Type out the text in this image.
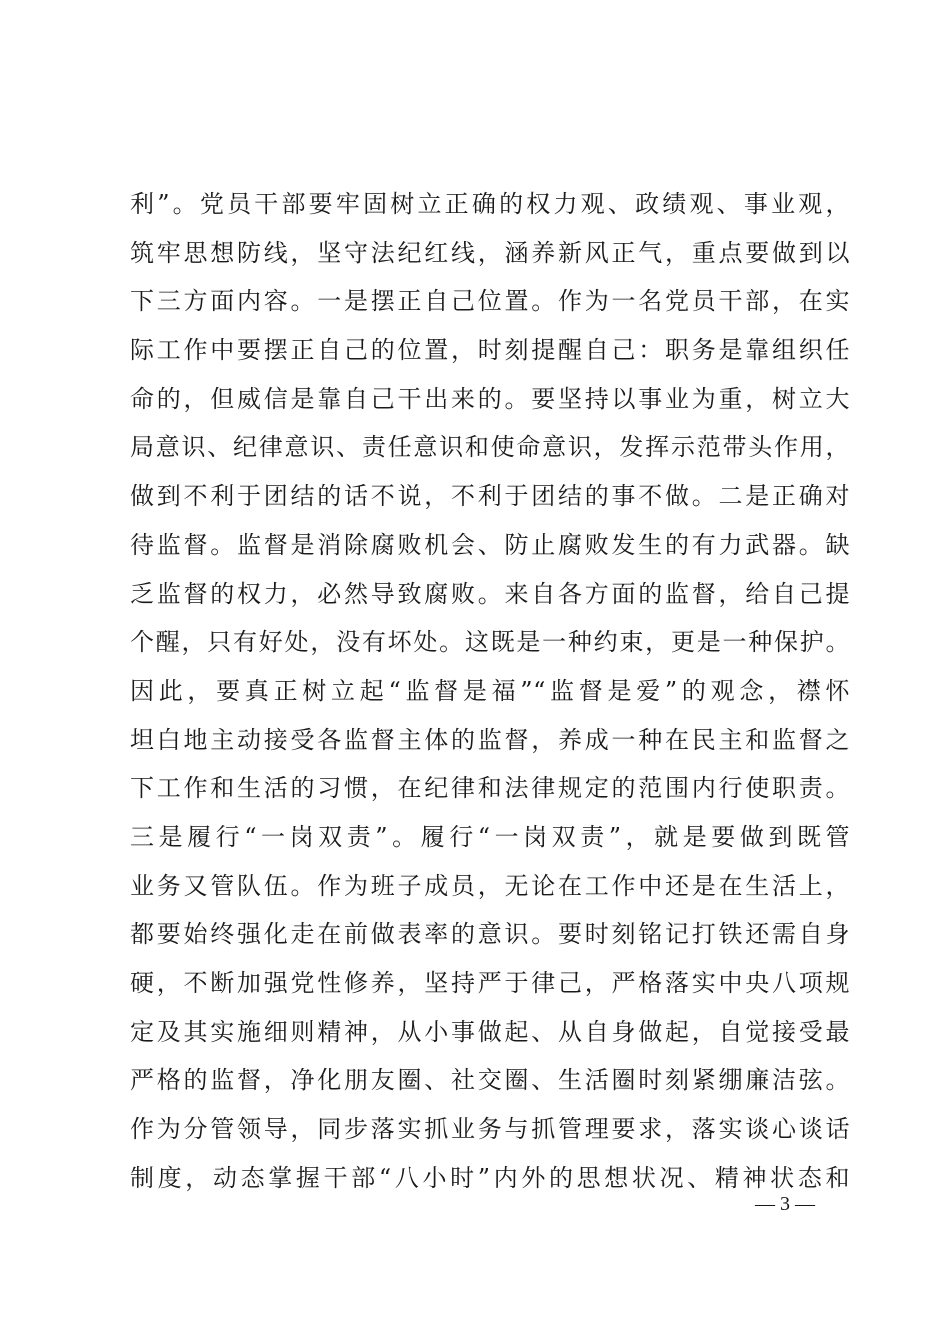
利”。党员干部要牢固树立正确的权力观、政绩观、事业观，
筑牢思想防线，坚守法纪红线，涵养新风正气，重点要做到以
下三方面内容。一是摆正自己位置。作为一名党员干部，在实
际工作中要摆正自己的位置，时刻提醒自己：职务是靠组织任
命的，但威信是靠自己干出来的。要坚持以事业为重，树立大
局意识、纪律意识、责任意识和使命意识，发挥示范带头作用，
做到不利于团结的话不说，不利于团结的事不做。二是正确对
待监督。监督是消除腐败机会、防止腐败发生的有力武器。缺
乏监督的权力，必然导致腐败。来自各方面的监督，给自己提
个醒，只有好处，没有坏处。这既是一种约束，更是一种保护。
因此，要真正树立起“监督是福”“监督是爱”的观念，襟怀
坦白地主动接受各监督主体的监督，养成一种在民主和监督之
下工作和生活的习惯，在纪律和法律规定的范围内行使职责。
三是履行“一岗双责”。履行“一岗双责”，就是要做到既管
业务又管队伍。作为班子成员，无论在工作中还是在生活上，
都要始终强化走在前做表率的意识。要时刻铭记打铁还需自身
硬，不断加强党性修养，坚持严于律己，严格落实中央八项规
定及其实施细则精神，从小事做起、从自身做起，自觉接受最
严格的监督，净化朋友圈、社交圈、生活圈时刻紧绷廉洁弦。
作为分管领导，同步落实抓业务与抓管理要求，落实谈心谈话
制度，动态掌握干部“八小时”内外的思想状况、精神状态和
— 3 —
